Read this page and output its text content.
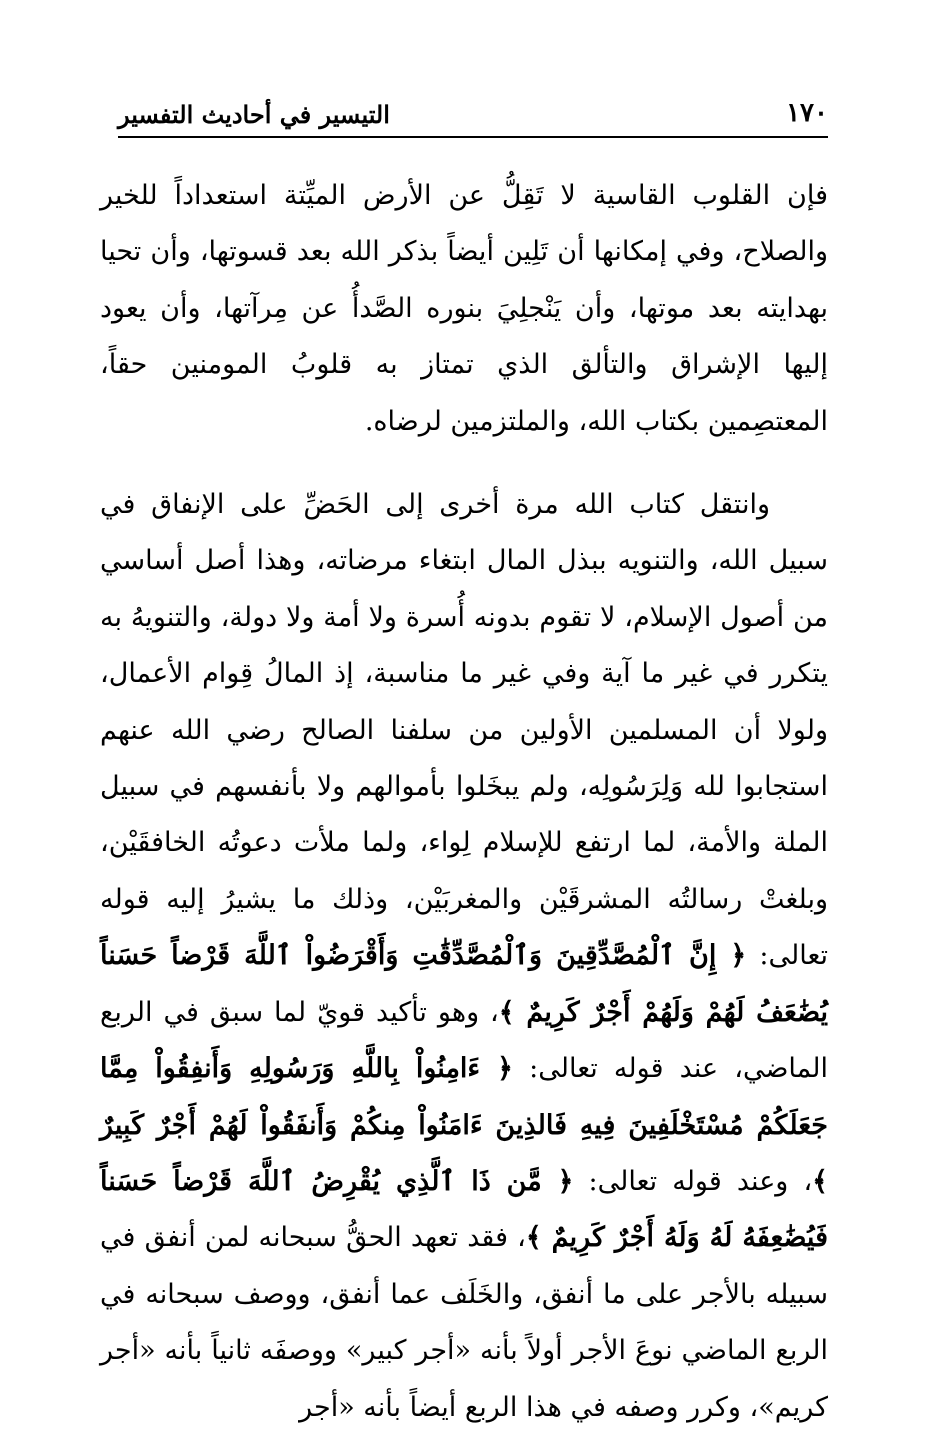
١٧٠
التيسير في أحاديث التفسير

فإن القلوب القاسية لا تَقِلُّ عن الأرض الميِّتة استعداداً للخير والصلاح، وفي إمكانها أن تَلِين أيضاً بذكر الله بعد قسوتها، وأن تحيا بهدايته بعد موتها، وأن يَنْجلِيَ بنوره الصَّدأُ عن مِرآتها، وأن يعود إليها الإشراق والتألق الذي تمتاز به قلوبُ المومنين حقاً، المعتصِمين بكتاب الله، والملتزمين لرضاه.

وانتقل كتاب الله مرة أخرى إلى الحَضِّ على الإنفاق في سبيل الله، والتنويه ببذل المال ابتغاء مرضاته، وهذا أصل أساسي من أصول الإسلام، لا تقوم بدونه أُسرة ولا أمة ولا دولة، والتنويهُ به يتكرر في غير ما آية وفي غير ما مناسبة، إذ المالُ قِوام الأعمال، ولولا أن المسلمين الأولين من سلفنا الصالح رضي الله عنهم استجابوا لله وَلِرَسُولِه، ولم يبخَلوا بأموالهم ولا بأنفسهم في سبيل الملة والأمة، لما ارتفع للإسلام لِواء، ولما ملأت دعوتُه الخافقَيْن، وبلغتْ رسالتُه المشرقَيْن والمغربَيْن، وذلك ما يشيرُ إليه قوله تعالى: ﴿ إِنَّ ٱلْمُصَّدِّقِينَ وَٱلْمُصَّدِّقَٰتِ وَأَقْرَضُواْ ٱللَّهَ قَرْضاً حَسَناً يُضَٰعَفُ لَهُمْ وَلَهُمْ أَجْرٌ كَرِيمٌ ﴾، وهو تأكيد قويّ لما سبق في الربع الماضي، عند قوله تعالى: ﴿ ءَامِنُواْ بِاللَّهِ وَرَسُولِهِ وَأَنفِقُواْ مِمَّا جَعَلَكُمْ مُسْتَخْلَفِينَ فِيهِ فَالذِينَ ءَامَنُواْ مِنكُمْ وَأَنفَقُواْ لَهُمْ أَجْرٌ كَبِيرٌ ﴾، وعند قوله تعالى: ﴿ مَّن ذَا ٱلَّذِي يُقْرِضُ ٱللَّهَ قَرْضاً حَسَناً فَيُضَٰعِفَهُ لَهُ وَلَهُ أَجْرٌ كَرِيمٌ ﴾، فقد تعهد الحقُّ سبحانه لمن أنفق في سبيله بالأجر على ما أنفق، والخَلَف عما أنفق، ووصف سبحانه في الربع الماضي نوعَ الأجر أولاً بأنه «أجر كبير» ووصفَه ثانياً بأنه «أجر كريم»، وكرر وصفه في هذا الربع أيضاً بأنه «أجر
